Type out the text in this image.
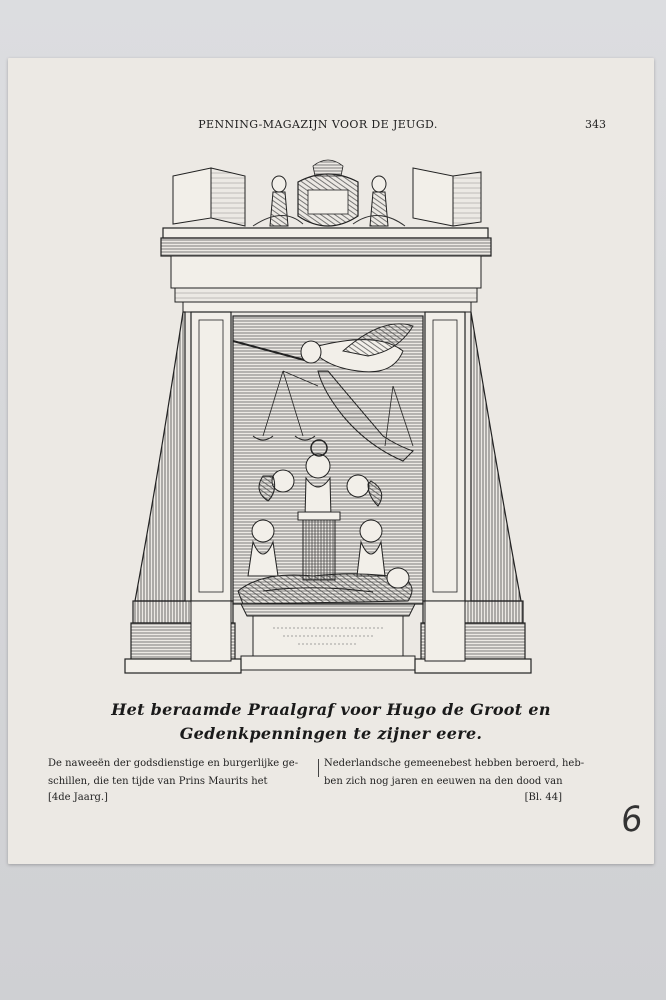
PENNING-MAGAZIJN VOOR DE JEUGD.	343
Het beraamde Praalgraf voor Hugo de Groot en
Gedenkpenningen te zijner eere.
De naweeën der godsdienstige en burgerlijke ge-
schillen, die ten tijde van Prins Maurits het
Nederlandsche gemeenebest hebben beroerd, heb-
ben zich nog jaren en eeuwen na den dood van
[4de Jaarg.]	[Bl. 44]
6
